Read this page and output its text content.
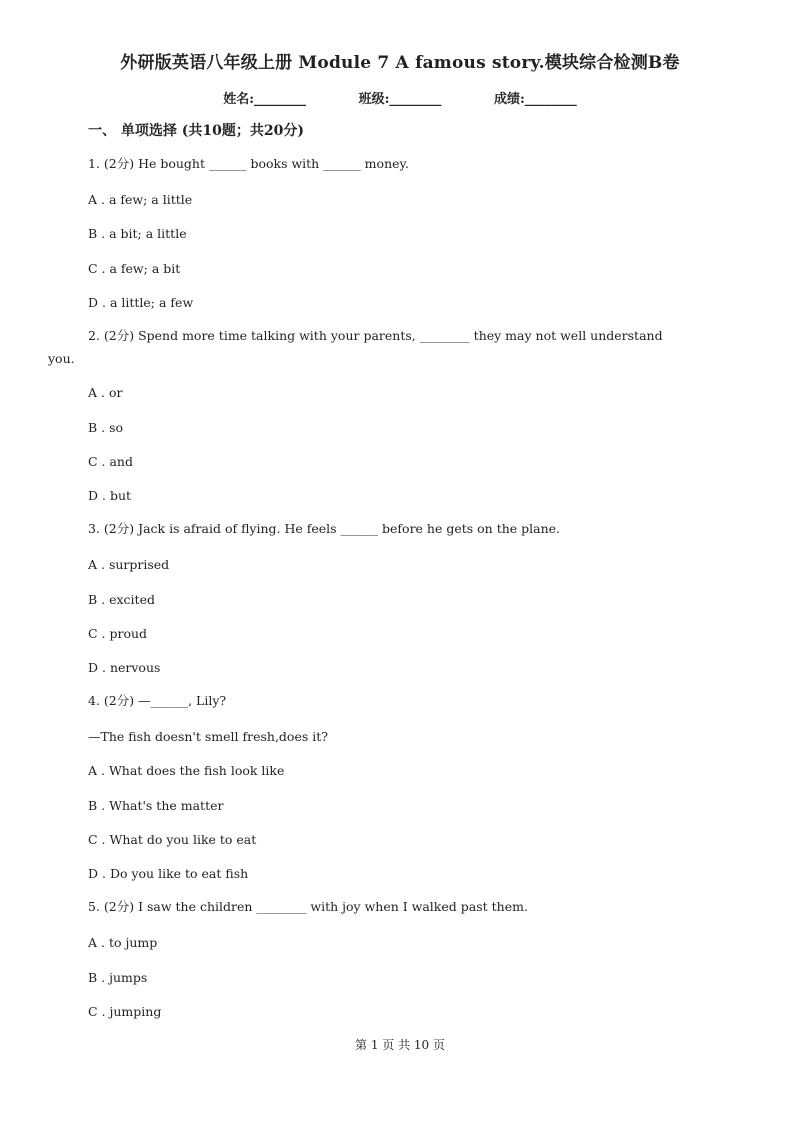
外研版英语八年级上册 Module 7 A famous story.模块综合检测B卷
姓名:________	班级:________	成绩:________
一、 单项选择 (共10题；共20分)
1. (2分) He bought ______ books with ______ money.
A . a few; a little
B . a bit; a little
C . a few; a bit
D . a little; a few
2. (2分) Spend more time talking with your parents, ________ they may not well understand
you.
A . or
B . so
C . and
D . but
3. (2分) Jack is afraid of flying. He feels ______ before he gets on the plane.
A . surprised
B . excited
C . proud
D . nervous
4. (2分) —______, Lily?
—The fish doesn't smell fresh,does it?
A . What does the fish look like
B . What's the matter
C . What do you like to eat
D . Do you like to eat fish
5. (2分) I saw the children ________ with joy when I walked past them.
A . to jump
B . jumps
C . jumping
第 1 页 共 10 页
